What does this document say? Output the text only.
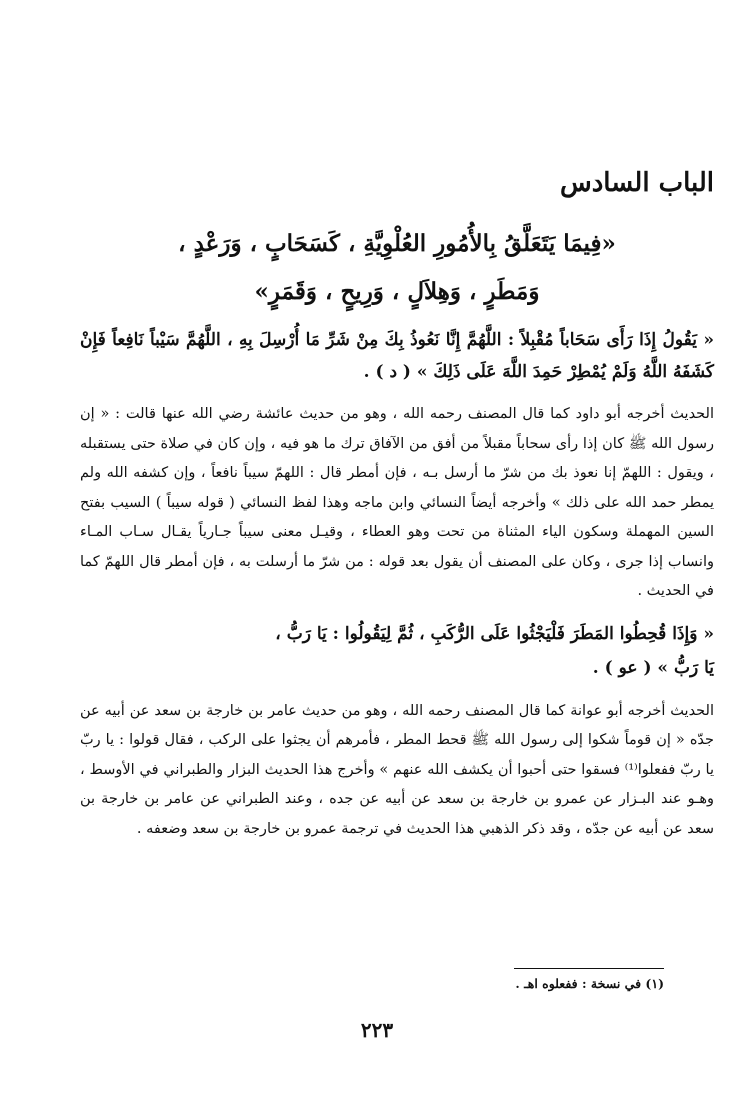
الباب السادس
«فِيمَا يَتَعَلَّقُ بِالأُمُورِ العُلْوِيَّةِ ، كَسَحَابٍ ، وَرَعْدٍ ،
وَمَطَرٍ ، وَهِلاَلٍ ، وَرِيحٍ ، وَقَمَرٍ»

« يَقُولُ إِذَا رَأَى سَحَاباً مُقْبِلاً : اللَّهُمَّ إِنَّا نَعُوذُ بِكَ مِنْ شَرِّ مَا أُرْسِلَ بِهِ ، اللَّهُمَّ سَيْباً نَافِعاً فَإِنْ كَشَفَهُ اللَّهُ وَلَمْ يُمْطِرْ حَمِدَ اللَّهَ عَلَى ذَلِكَ » ( د ) .

الحديث أخرجه أبو داود كما قال المصنف رحمه الله ، وهو من حديث عائشة رضي الله عنها قالت : « إن رسول الله ﷺ كان إذا رأى سحاباً مقبلاً من أفق من الآفاق ترك ما هو فيه ، وإن كان في صلاة حتى يستقبله ، ويقول : اللهمّ إنا نعوذ بك من شرّ ما أرسل بـه ، فإن أمطر قال : اللهمّ سيباً نافعاً ، وإن كشفه الله ولم يمطر حمد الله على ذلك » وأخرجه أيضاً النسائي وابن ماجه وهذا لفظ النسائي ( قوله سيباً ) السيب بفتح السين المهملة وسكون الياء المثناة من تحت وهو العطاء ، وقيـل معنى سيباً جـارياً يقـال سـاب المـاء وانساب إذا جرى ، وكان على المصنف أن يقول بعد قوله : من شرّ ما أرسلت به ، فإن أمطر قال اللهمّ كما في الحديث .

« وَإِذَا قُحِطُوا المَطَرَ فَلْيَجْثُوا عَلَى الرُّكَبِ ، ثُمَّ لِيَقُولُوا : يَا رَبُّ ،
يَا رَبُّ » ( عو ) .

الحديث أخرجه أبو عوانة كما قال المصنف رحمه الله ، وهو من حديث عامر بن خارجة بن سعد عن أبيه عن جدّه « إن قوماً شكوا إلى رسول الله ﷺ قحط المطر ، فأمرهم أن يجثوا على الركب ، فقال قولوا : يا ربّ يا ربّ ففعلوا⁽¹⁾ فسقوا حتى أحبوا أن يكشف الله عنهم » وأخرج هذا الحديث البزار والطبراني في الأوسط ، وهـو عند البـزار عن عمرو بن خارجة بن سعد عن أبيه عن جده ، وعند الطبراني عن عامر بن خارجة بن سعد عن أبيه عن جدّه ، وقد ذكر الذهبي هذا الحديث في ترجمة عمرو بن خارجة بن سعد وضعفه .

(١) في نسخة : ففعلوه اهـ .
٢٢٣
